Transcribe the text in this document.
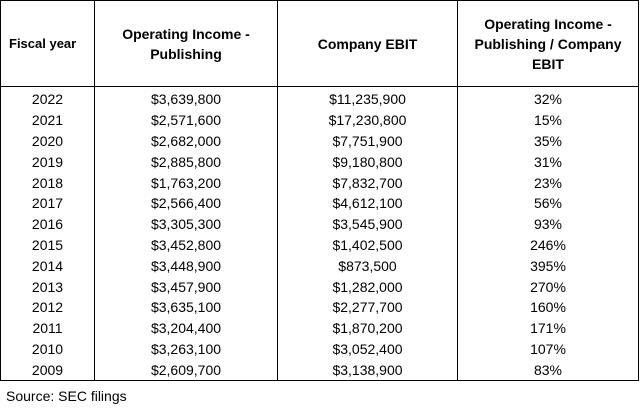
Fiscal year	Operating Income - Publishing	Company EBIT	Operating Income - Publishing / Company EBIT
2022	$3,639,800	$11,235,900	32%
2021	$2,571,600	$17,230,800	15%
2020	$2,682,000	$7,751,900	35%
2019	$2,885,800	$9,180,800	31%
2018	$1,763,200	$7,832,700	23%
2017	$2,566,400	$4,612,100	56%
2016	$3,305,300	$3,545,900	93%
2015	$3,452,800	$1,402,500	246%
2014	$3,448,900	$873,500	395%
2013	$3,457,900	$1,282,000	270%
2012	$3,635,100	$2,277,700	160%
2011	$3,204,400	$1,870,200	171%
2010	$3,263,100	$3,052,400	107%
2009	$2,609,700	$3,138,900	83%
Source: SEC filings
